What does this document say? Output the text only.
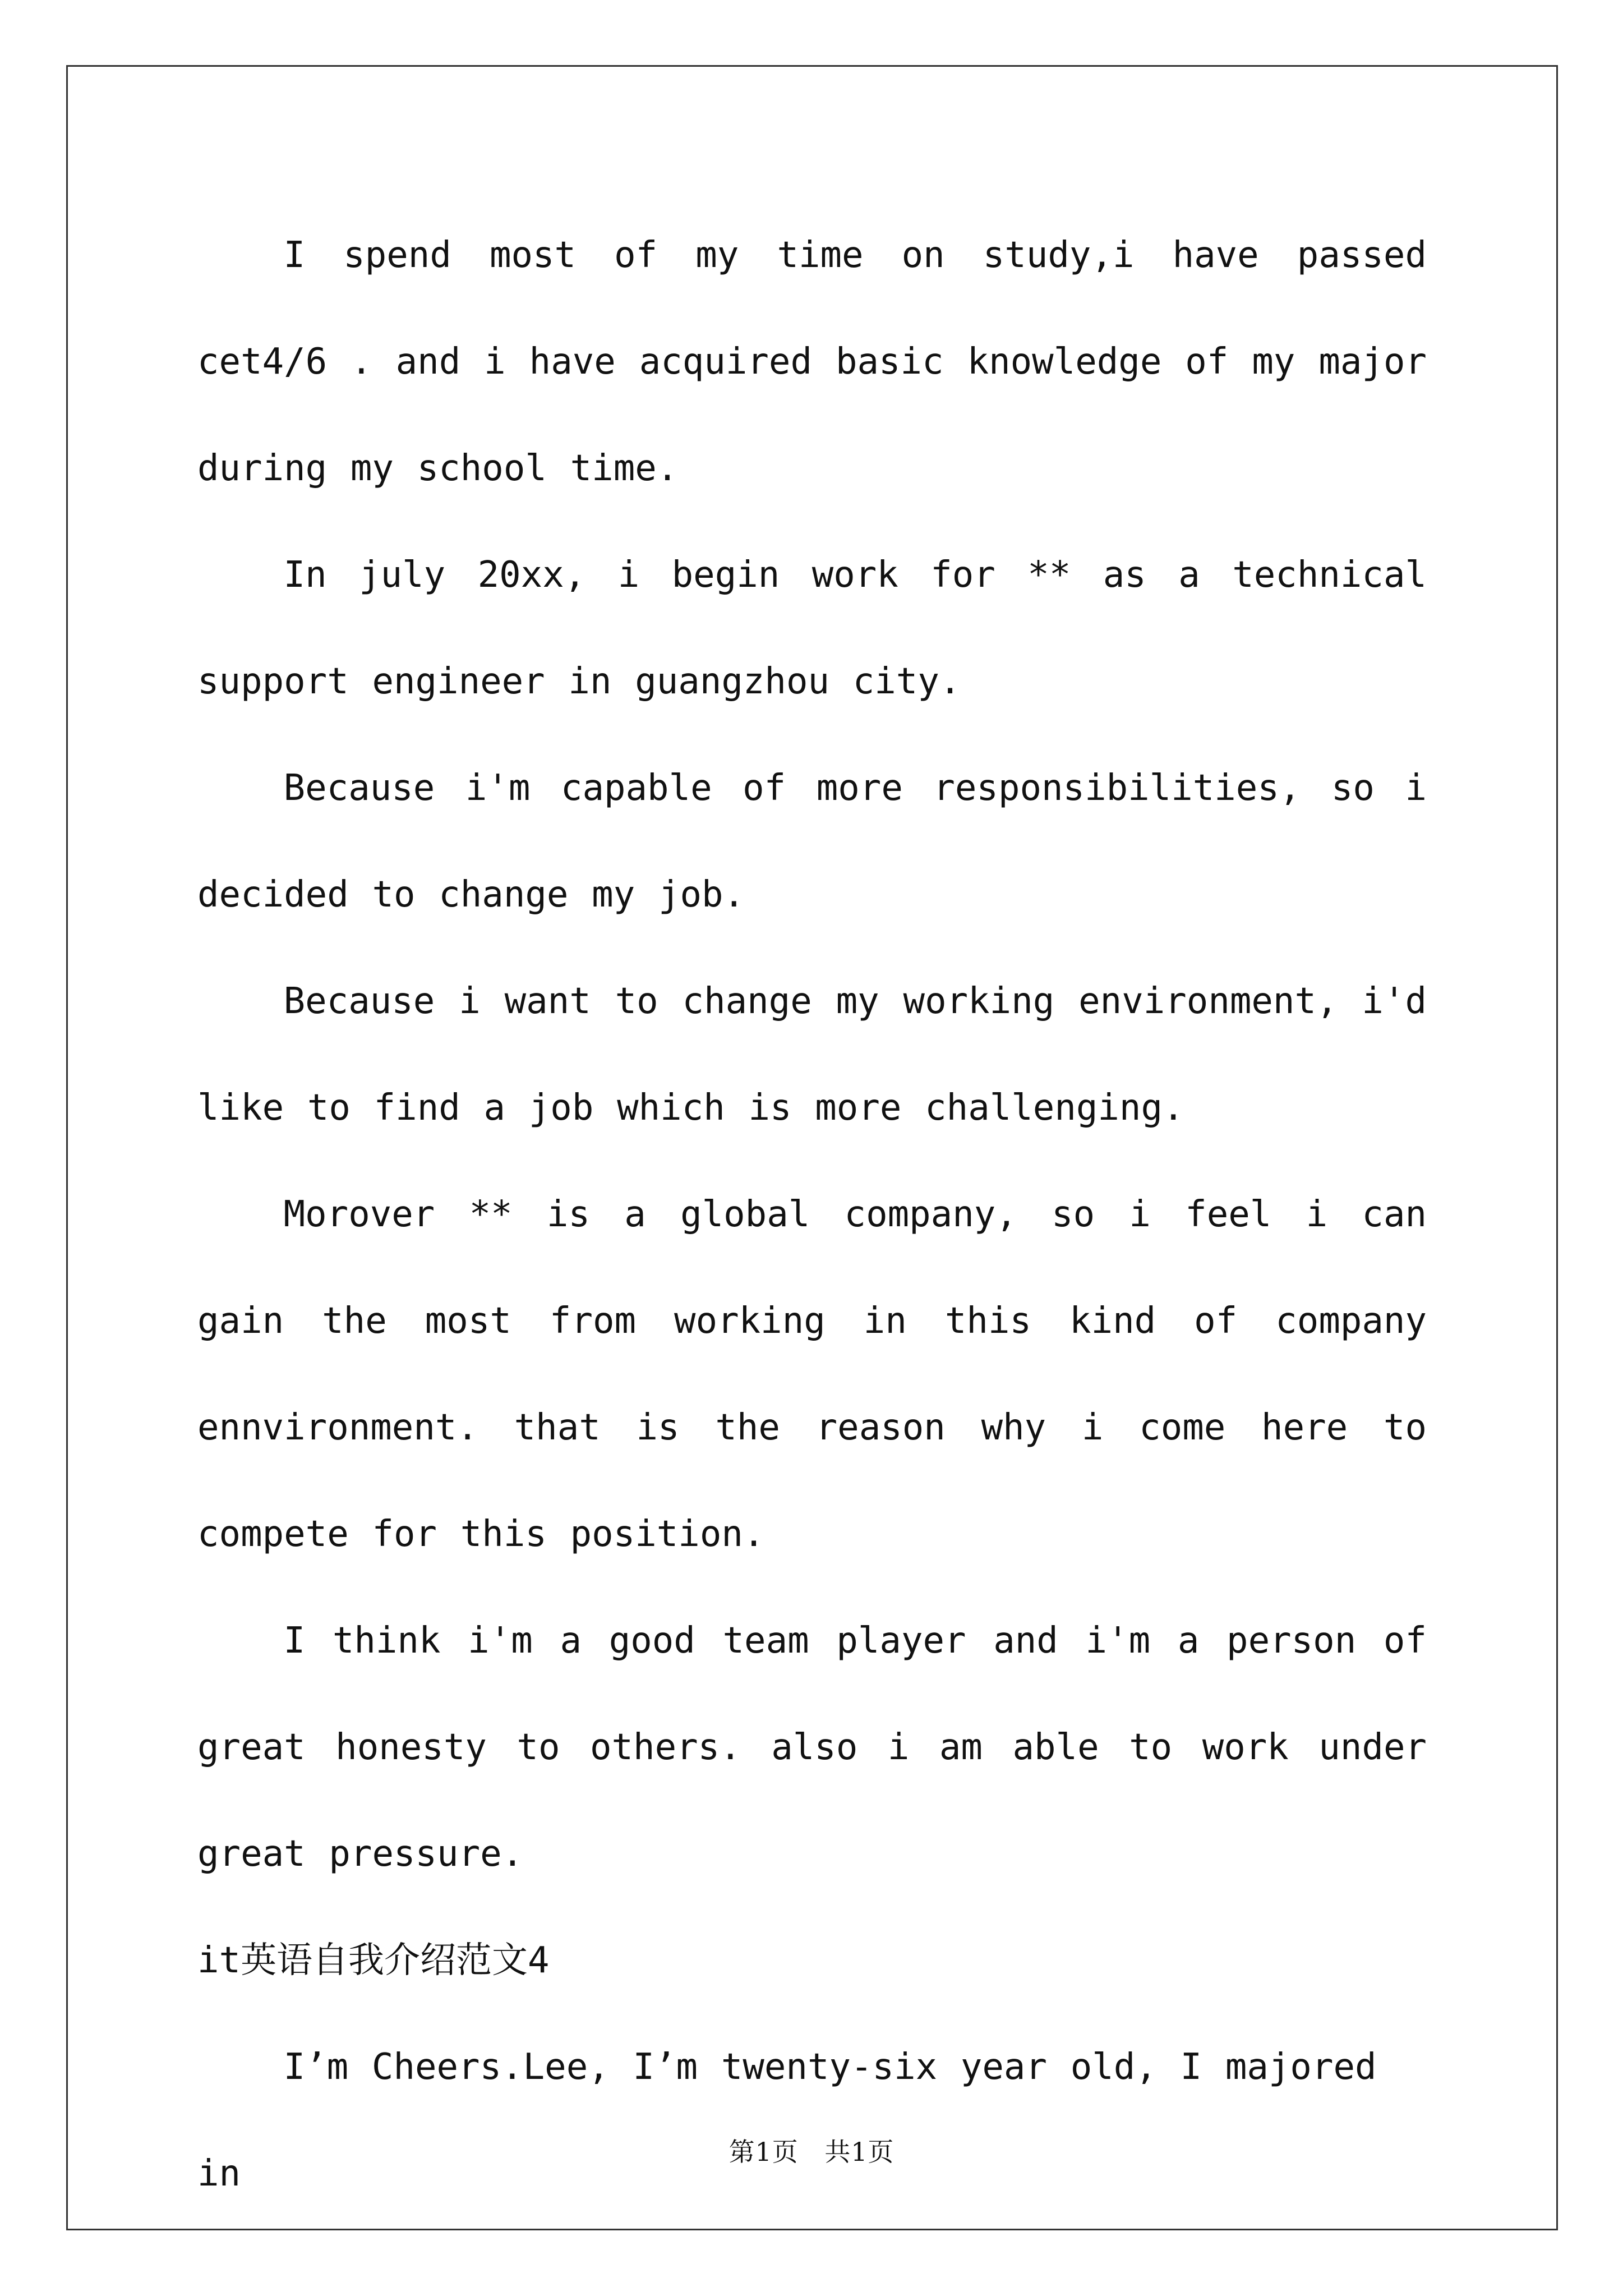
I spend most of my time on study,i have passed cet4/6 . and i have acquired basic knowledge of my major during my school time.

In july 20xx, i begin work for ** as a technical support engineer in guangzhou city.

Because i'm capable of more responsibilities, so i decided to change my job.

Because i want to change my working environment, i'd like to find a job which is more challenging.

Morover ** is a global company, so i feel i can gain the most from working in this kind of company ennvironment. that is the reason why i come here to compete for this position.

I think i'm a good team player and i'm a person of great honesty to others. also i am able to work under great pressure.

it英语自我介绍范文4

I’m Cheers.Lee, I’m twenty-six year old, I majored in

第1页 共1页
